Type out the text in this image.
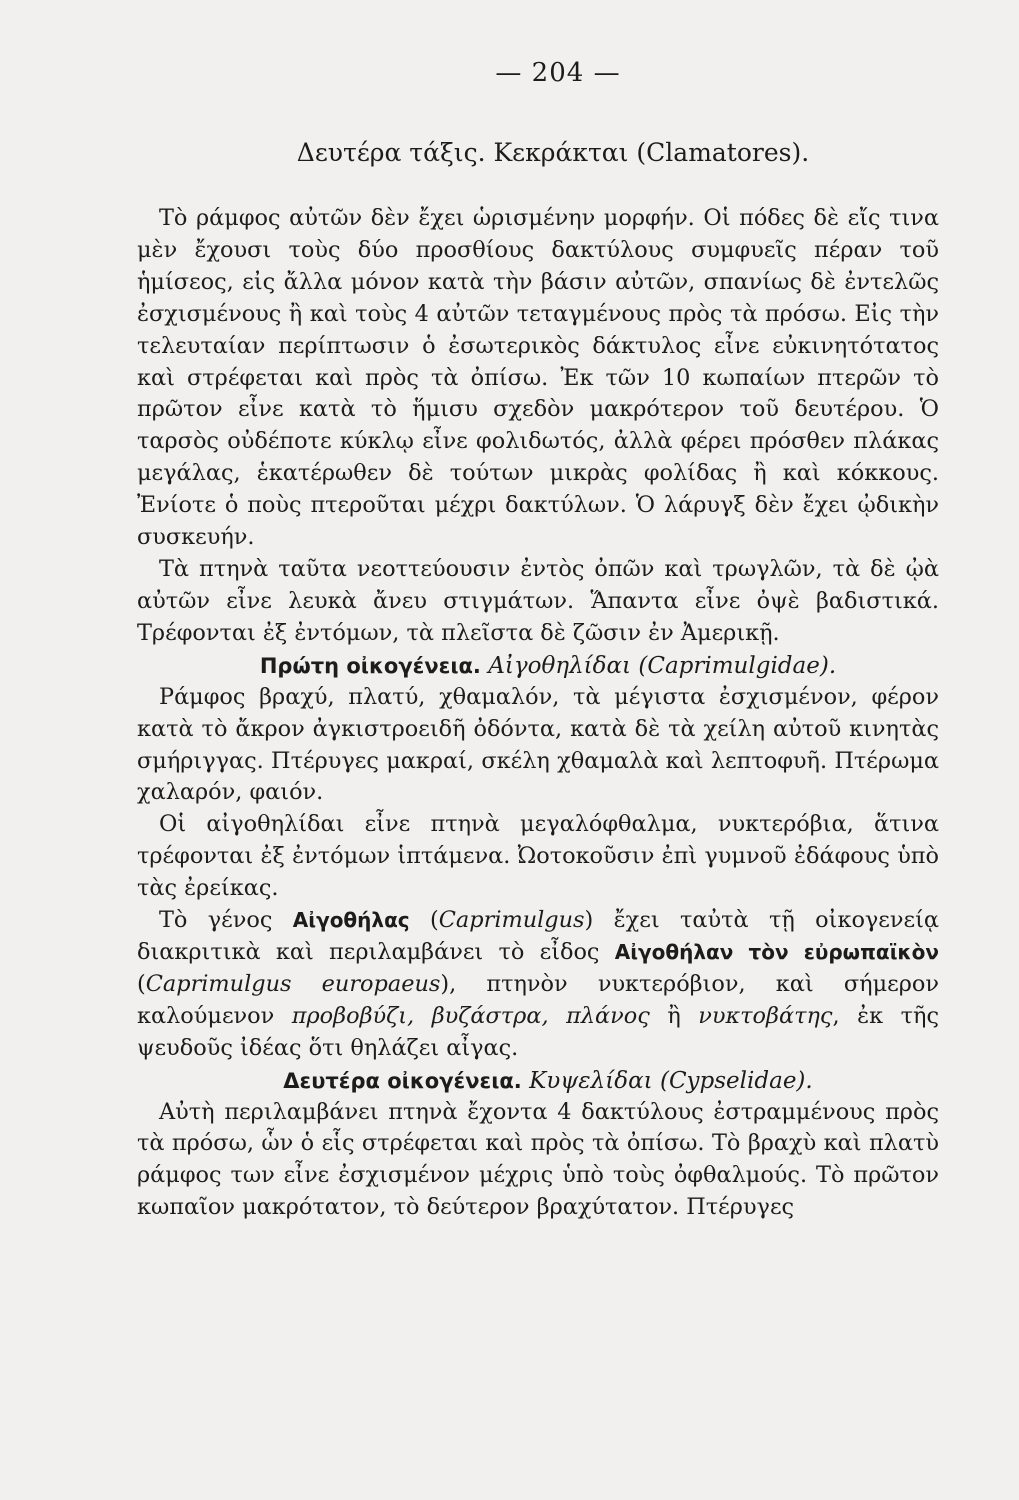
— 204 —
Δευτέρα τάξις. Κεκράκται (Clamatores).

Τὸ ράμφος αὐτῶν δὲν ἔχει ὡρισμένην μορφήν. Οἱ πόδες δὲ εἴς τινα μὲν ἔχουσι τοὺς δύο προσθίους δακτύλους συμφυεῖς πέραν τοῦ ἡμίσεος, εἰς ἄλλα μόνον κατὰ τὴν βάσιν αὐτῶν, σπανίως δὲ ἐντελῶς ἐσχισμένους ἢ καὶ τοὺς 4 αὐτῶν τεταγμένους πρὸς τὰ πρόσω. Εἰς τὴν τελευταίαν περίπτωσιν ὁ ἐσωτερικὸς δάκτυλος εἶνε εὐκινητότατος καὶ στρέφεται καὶ πρὸς τὰ ὀπίσω. Ἐκ τῶν 10 κωπαίων πτερῶν τὸ πρῶτον εἶνε κατὰ τὸ ἥμισυ σχεδὸν μακρότερον τοῦ δευτέρου. Ὁ ταρσὸς οὐδέποτε κύκλῳ εἶνε φολιδωτός, ἀλλὰ φέρει πρόσθεν πλάκας μεγάλας, ἑκατέρωθεν δὲ τούτων μικρὰς φολίδας ἢ καὶ κόκκους. Ἐνίοτε ὁ ποὺς πτεροῦται μέχρι δακτύλων. Ὁ λάρυγξ δὲν ἔχει ᾠδικὴν συσκευήν.

Τὰ πτηνὰ ταῦτα νεοττεύουσιν ἐντὸς ὀπῶν καὶ τρωγλῶν, τὰ δὲ ᾠὰ αὐτῶν εἶνε λευκὰ ἄνευ στιγμάτων. Ἅπαντα εἶνε ὀψὲ βαδιστικά. Τρέφονται ἐξ ἐντόμων, τὰ πλεῖστα δὲ ζῶσιν ἐν Ἀμερικῇ.

Πρώτη οἰκογένεια. Αἰγοθηλίδαι (Caprimulgidae).

Ράμφος βραχύ, πλατύ, χθαμαλόν, τὰ μέγιστα ἐσχισμένον, φέρον κατὰ τὸ ἄκρον ἀγκιστροειδῆ ὀδόντα, κατὰ δὲ τὰ χείλη αὐτοῦ κινητὰς σμήριγγας. Πτέρυγες μακραί, σκέλη χθαμαλὰ καὶ λεπτοφυῆ. Πτέρωμα χαλαρόν, φαιόν.

Οἱ αἰγοθηλίδαι εἶνε πτηνὰ μεγαλόφθαλμα, νυκτερόβια, ἅτινα τρέφονται ἐξ ἐντόμων ἱπτάμενα. Ὠοτοκοῦσιν ἐπὶ γυμνοῦ ἐδάφους ὑπὸ τὰς ἐρείκας.

Τὸ γένος Αἰγοθήλας (Caprimulgus) ἔχει ταὐτὰ τῇ οἰκογενείᾳ διακριτικὰ καὶ περιλαμβάνει τὸ εἶδος Αἰγοθήλαν τὸν εὐρωπαϊκὸν (Caprimulgus europaeus), πτηνὸν νυκτερόβιον, καὶ σήμερον καλούμενον προβοβύζι, βυζάστρα, πλάνος ἢ νυκτοβάτης, ἐκ τῆς ψευδοῦς ἰδέας ὅτι θηλάζει αἶγας.

Δευτέρα οἰκογένεια. Κυψελίδαι (Cypselidae).

Αὐτὴ περιλαμβάνει πτηνὰ ἔχοντα 4 δακτύλους ἐστραμμένους πρὸς τὰ πρόσω, ὧν ὁ εἷς στρέφεται καὶ πρὸς τὰ ὀπίσω. Τὸ βραχὺ καὶ πλατὺ ράμφος των εἶνε ἐσχισμένον μέχρις ὑπὸ τοὺς ὀφθαλμούς. Τὸ πρῶτον κωπαῖον μακρότατον, τὸ δεύτερον βραχύτατον. Πτέρυγες
